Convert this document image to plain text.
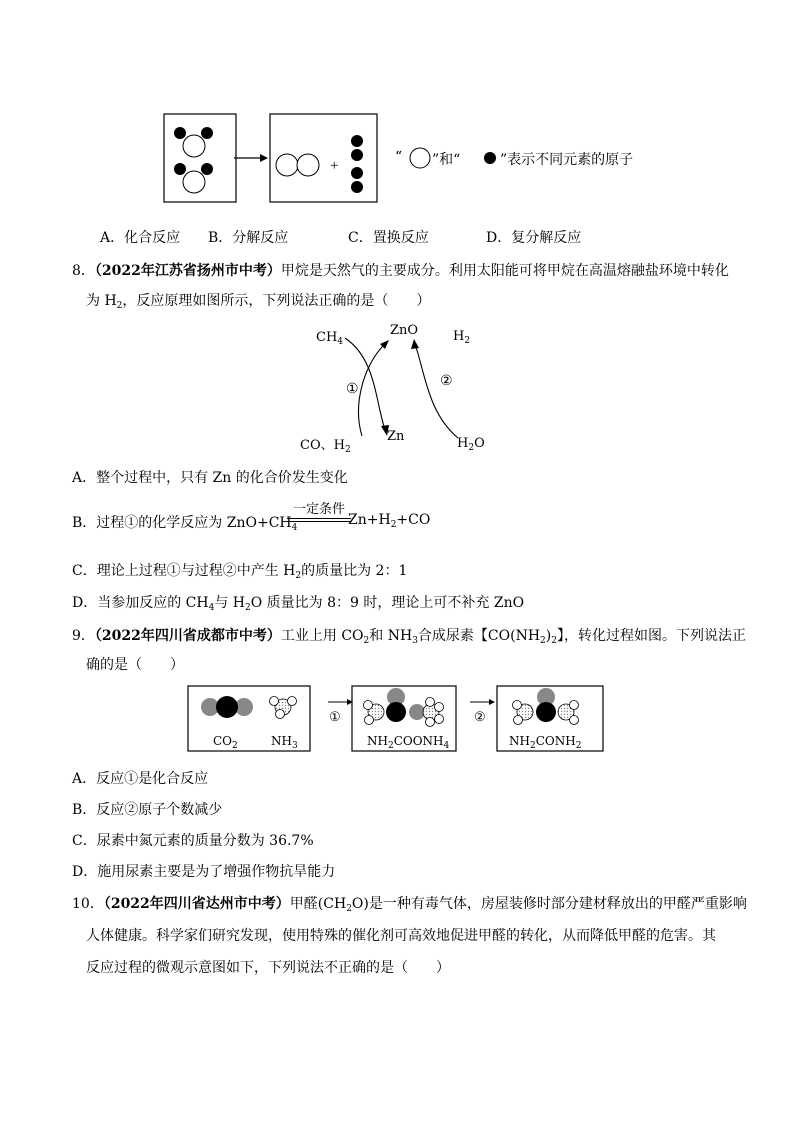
+
“ ”和“	”表示不同元素的原子
A．化合反应 B．分解反应	C．置换反应	D．复分解反应
8．（2022年江苏省扬州市中考）甲烷是天然气的主要成分。利用太阳能可将甲烷在高温熔融盐环境中转化
为 $H_2$，反应原理如图所示，下列说法正确的是（　　）
$CH_4$
ZnO	$H_2$
①	②
CO、$H_2$
Zn	$H_2O$
A．整个过程中，只有 Zn 的化合价发生变化
B．过程①的化学反应为 $ZnO+CH_4$
一定条件
$Zn+H_2+CO$
C．理论上过程①与过程②中产生 $H_2$的质量比为 2：1
D．当参加反应的 $CH_4$与 $H_2O$ 质量比为 8：9 时，理论上可不补充 ZnO
9．（2022年四川省成都市中考）工业上用 $CO_2$和 $NH_3$合成尿素【$CO(NH_2)_2$】，转化过程如图。下列说法正
确的是（　　）
$CO_2$	$NH_3$
①
$NH_2COONH_4$
②
$NH_2CONH_2$
A．反应①是化合反应
B．反应②原子个数减少
C．尿素中氮元素的质量分数为 36.7%
D．施用尿素主要是为了增强作物抗旱能力
10．（2022年四川省达州市中考）甲醛$(CH_2O)$是一种有毒气体，房屋装修时部分建材释放出的甲醛严重影响
人体健康。科学家们研究发现，使用特殊的催化剂可高效地促进甲醛的转化，从而降低甲醛的危害。其
反应过程的微观示意图如下，下列说法不正确的是（　　）
